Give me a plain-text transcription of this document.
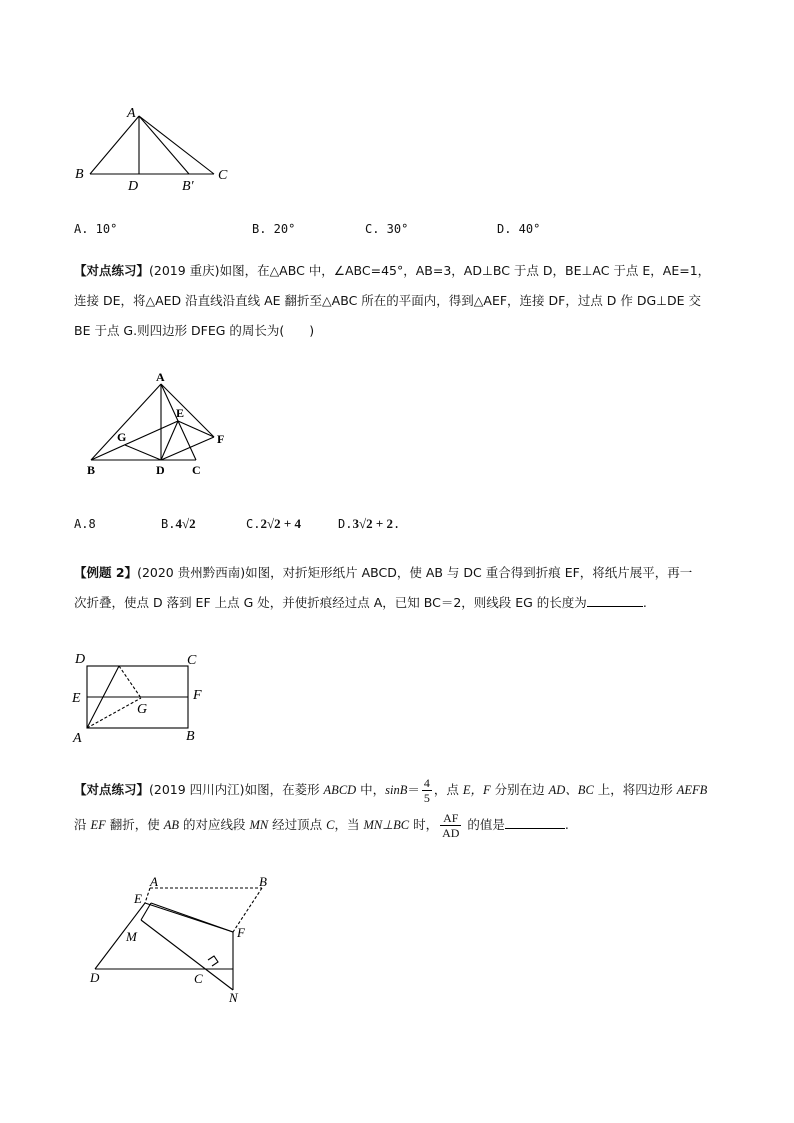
A
B	C
D	B′
A. 10°	B. 20°	C. 30°	D. 40°
【对点练习】(2019 重庆)如图，在△ABC 中，∠ABC=45°，AB=3，AD⊥BC 于点 D，BE⊥AC 于点 E，AE=1，
连接 DE，将△AED 沿直线沿直线 AE 翻折至△ABC 所在的平面内，得到△AEF，连接 DF，过点 D 作 DG⊥DE 交
BE 于点 G.则四边形 DFEG 的周长为(　　)
A
E
G	F
B	D C
A.8	B.4√2	C.2√2 + 4	D.3√2 + 2.
【例题 2】(2020 贵州黔西南)如图，对折矩形纸片 ABCD，使 AB 与 DC 重合得到折痕 EF，将纸片展平，再一
次折叠，使点 D 落到 EF 上点 G 处，并使折痕经过点 A，已知 BC＝2，则线段 EG 的长度为	.
D	C
E	F
G
A	B
【对点练习】(2019 四川内江)如图，在菱形 ABCD 中，$\sin B= \frac{4}{5}$ ，点 E，F 分别在边 AD、BC 上，将四边形 AEFB
沿 EF 翻折，使 AB 的对应线段 MN 经过顶点 C，当 MN⊥BC 时， $\frac{AF}{AD}$ 的值是	.
A	B
E
M	F
D	C
N
